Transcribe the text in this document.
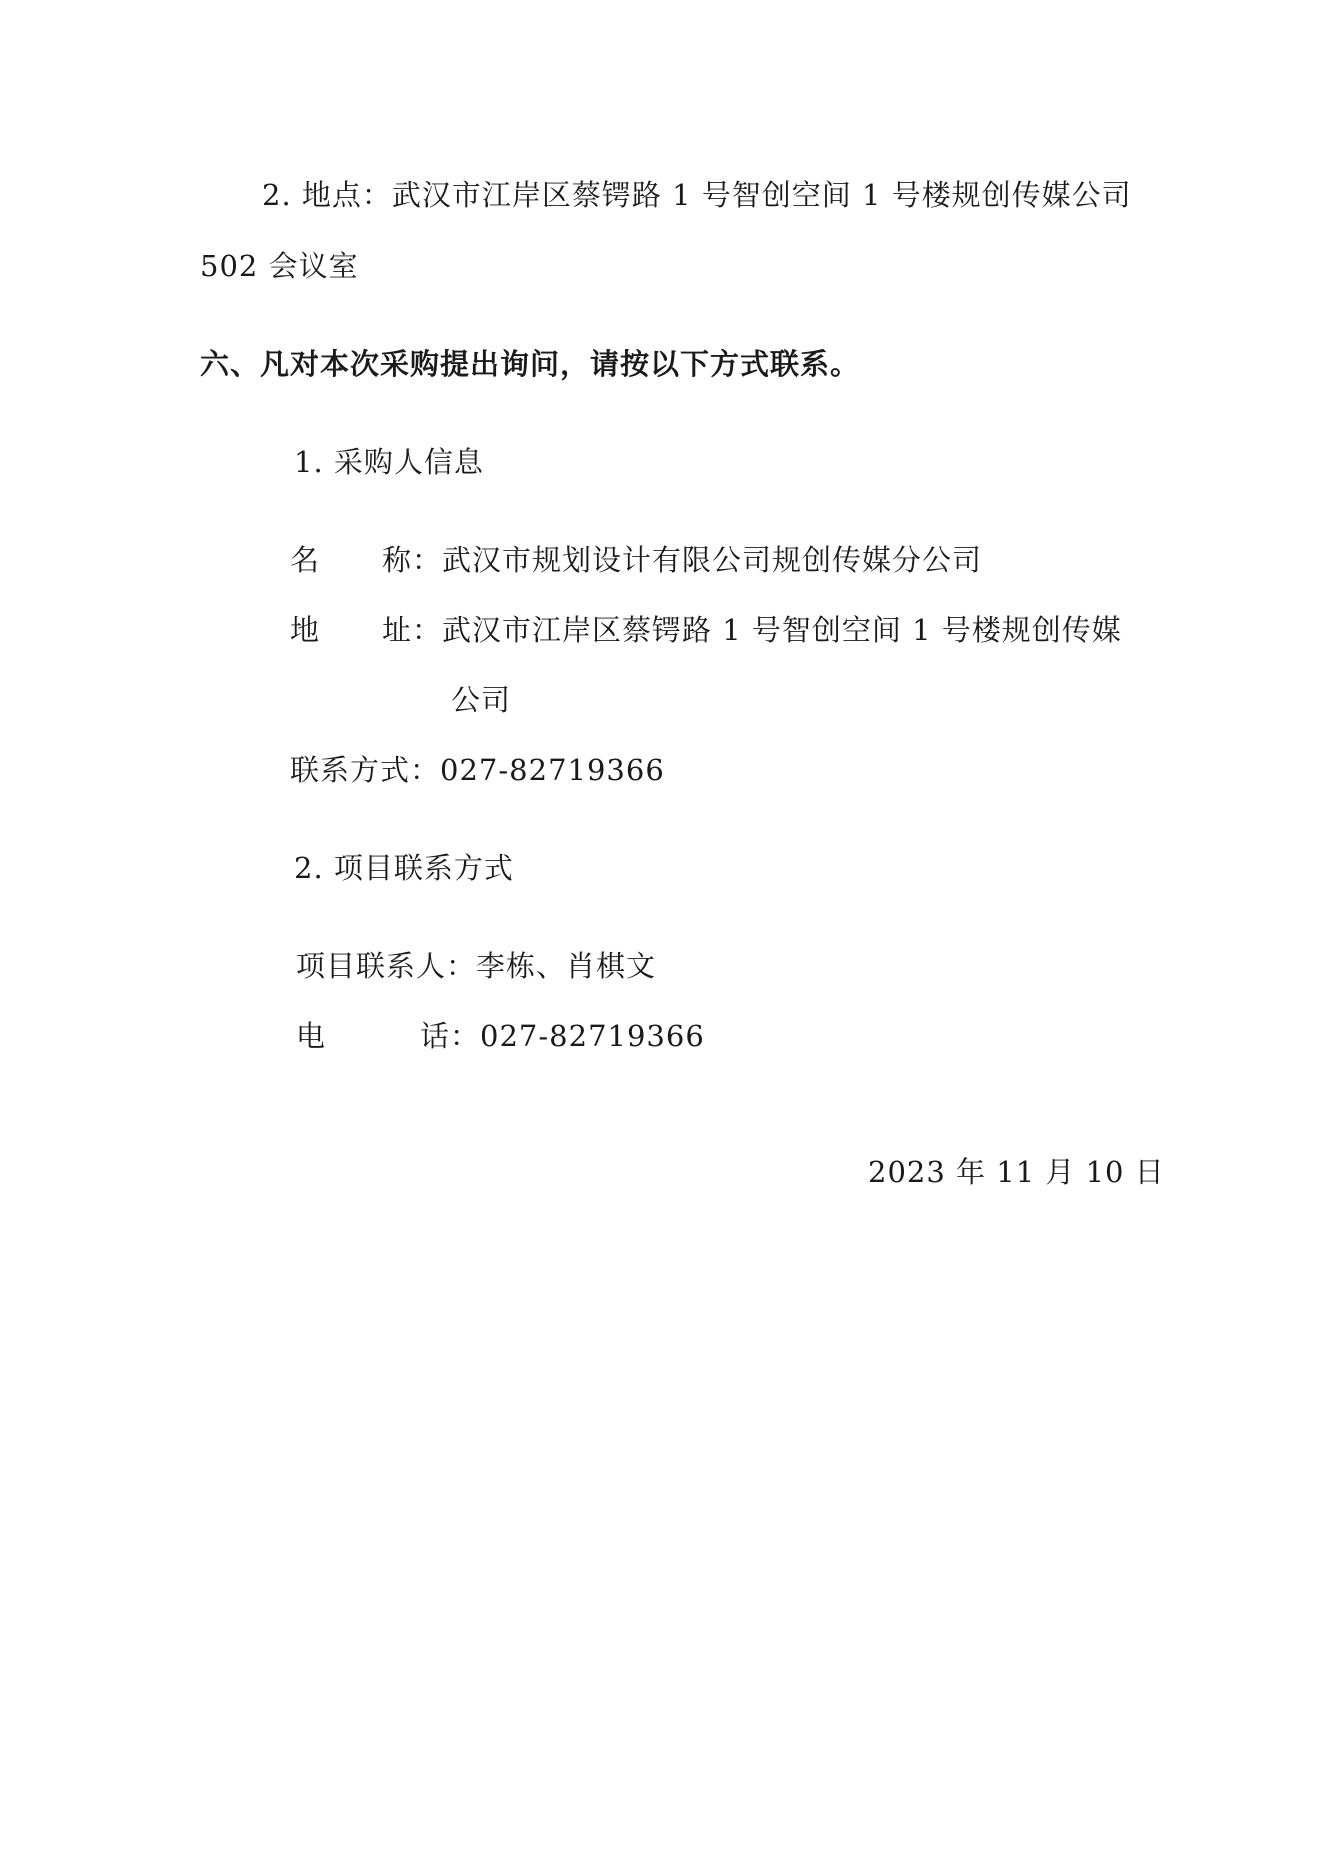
2. 地点：武汉市江岸区蔡锷路 1 号智创空间 1 号楼规创传媒公司
502 会议室
六、凡对本次采购提出询问，请按以下方式联系。
1. 采购人信息
名 称：武汉市规划设计有限公司规创传媒分公司
地 址：武汉市江岸区蔡锷路 1 号智创空间 1 号楼规创传媒
公司
联系方式：027-82719366
2. 项目联系方式
项目联系人：李栋、肖棋文
电	话：027-82719366
2023 年 11 月 10 日
